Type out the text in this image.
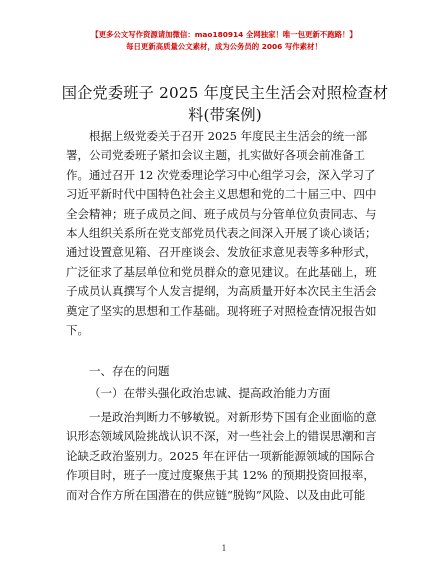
【更多公文写作资源请加微信：mao180914 全网独家！唯一包更新不跑路！】
每日更新高质量公文素材，成为公务员的 2006 写作素材！
国企党委班子 2025 年度民主生活会对照检查材
料(带案例)
　　根据上级党委关于召开 2025 年度民主生活会的统一部
署，公司党委班子紧扣会议主题，扎实做好各项会前准备工
作。通过召开 12 次党委理论学习中心组学习会，深入学习了
习近平新时代中国特色社会主义思想和党的二十届三中、四中
全会精神；班子成员之间、班子成员与分管单位负责同志、与
本人组织关系所在党支部党员代表之间深入开展了谈心谈话；
通过设置意见箱、召开座谈会、发放征求意见表等多种形式，
广泛征求了基层单位和党员群众的意见建议。在此基础上，班
子成员认真撰写个人发言提纲，为高质量开好本次民主生活会
奠定了坚实的思想和工作基础。现将班子对照检查情况报告如
下。
一、存在的问题
（一）在带头强化政治忠诚、提高政治能力方面
　　一是政治判断力不够敏锐。对新形势下国有企业面临的意
识形态领域风险挑战认识不深，对一些社会上的错误思潮和言
论缺乏政治鉴别力。2025 年在评估一项新能源领域的国际合
作项目时，班子一度过度聚焦于其 12% 的预期投资回报率，
而对合作方所在国潜在的供应链“脱钩”风险、以及由此可能
1
